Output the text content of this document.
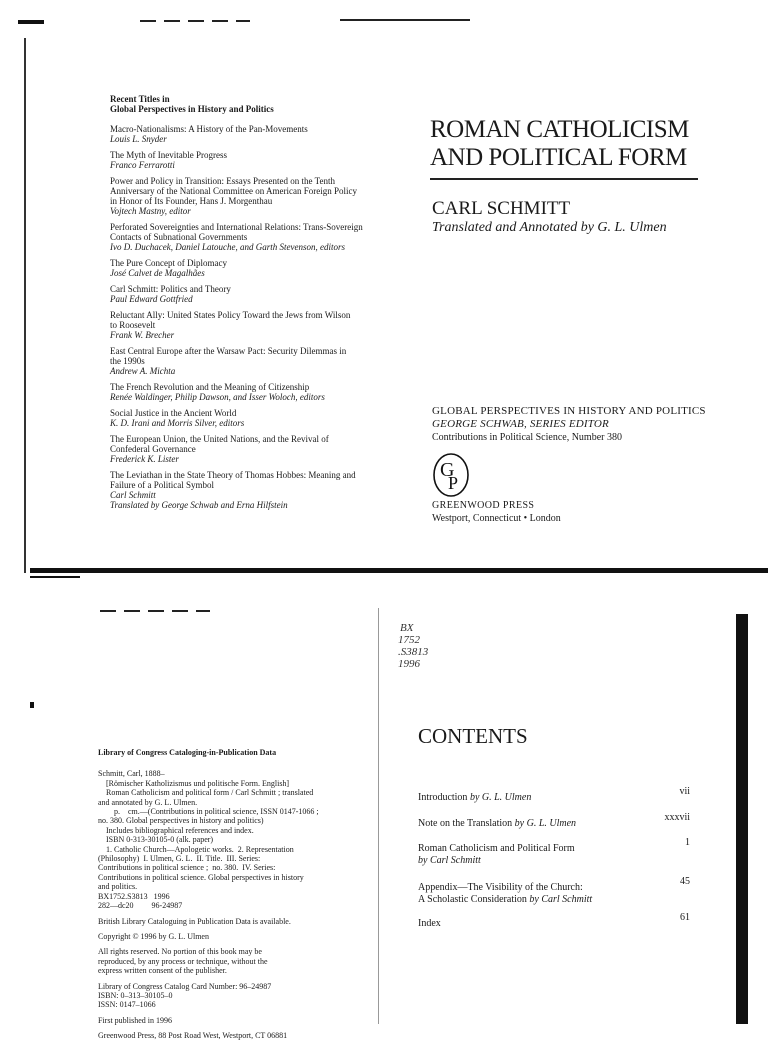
Recent Titles in
Global Perspectives in History and Politics
Macro-Nationalisms: A History of the Pan-Movements
Louis L. Snyder
The Myth of Inevitable Progress
Franco Ferrarotti
Power and Policy in Transition: Essays Presented on the Tenth
Anniversary of the National Committee on American Foreign Policy
in Honor of Its Founder, Hans J. Morgenthau
Vojtech Mastny, editor
Perforated Sovereignties and International Relations: Trans-Sovereign
Contacts of Subnational Governments
Ivo D. Duchacek, Daniel Latouche, and Garth Stevenson, editors
The Pure Concept of Diplomacy
José Calvet de Magalhães
Carl Schmitt: Politics and Theory
Paul Edward Gottfried
Reluctant Ally: United States Policy Toward the Jews from Wilson
to Roosevelt
Frank W. Brecher
East Central Europe after the Warsaw Pact: Security Dilemmas in
the 1990s
Andrew A. Michta
The French Revolution and the Meaning of Citizenship
Renée Waldinger, Philip Dawson, and Isser Woloch, editors
Social Justice in the Ancient World
K. D. Irani and Morris Silver, editors
The European Union, the United Nations, and the Revival of
Confederal Governance
Frederick K. Lister
The Leviathan in the State Theory of Thomas Hobbes: Meaning and
Failure of a Political Symbol
Carl Schmitt
Translated by George Schwab and Erna Hilfstein
ROMAN CATHOLICISM
AND POLITICAL FORM
CARL SCHMITT
Translated and Annotated by G. L. Ulmen
GLOBAL PERSPECTIVES IN HISTORY AND POLITICS
GEORGE SCHWAB, SERIES EDITOR
Contributions in Political Science, Number 380
G
P
GREENWOOD PRESS
Westport, Connecticut • London
BX
1752
.S3813
1996
Library of Congress Cataloging-in-Publication Data
Schmitt, Carl, 1888–
[Römischer Katholizismus und politische Form. English]
Roman Catholicism and political form / Carl Schmitt ; translated
and annotated by G. L. Ulmen.
p.    cm.—(Contributions in political science, ISSN 0147-1066 ;
no. 380. Global perspectives in history and politics)
Includes bibliographical references and index.
ISBN 0-313-30105-0 (alk. paper)
1. Catholic Church—Apologetic works.  2. Representation
(Philosophy)  I. Ulmen, G. L.  II. Title.  III. Series:
Contributions in political science ;  no. 380.  IV. Series:
Contributions in political science. Global perspectives in history
and politics.
BX1752.S3813   1996
282—dc20         96-24987

British Library Cataloguing in Publication Data is available.

Copyright © 1996 by G. L. Ulmen

All rights reserved. No portion of this book may be
reproduced, by any process or technique, without the
express written consent of the publisher.

Library of Congress Catalog Card Number: 96–24987
ISBN: 0–313–30105–0
ISSN: 0147–1066

First published in 1996

Greenwood Press, 88 Post Road West, Westport, CT 06881

CONTENTS
Introduction by G. L. Ulmen
vii
Note on the Translation by G. L. Ulmen
xxxvii
Roman Catholicism and Political Form
by Carl Schmitt
1
Appendix—The Visibility of the Church:
A Scholastic Consideration by Carl Schmitt
45
Index
61
